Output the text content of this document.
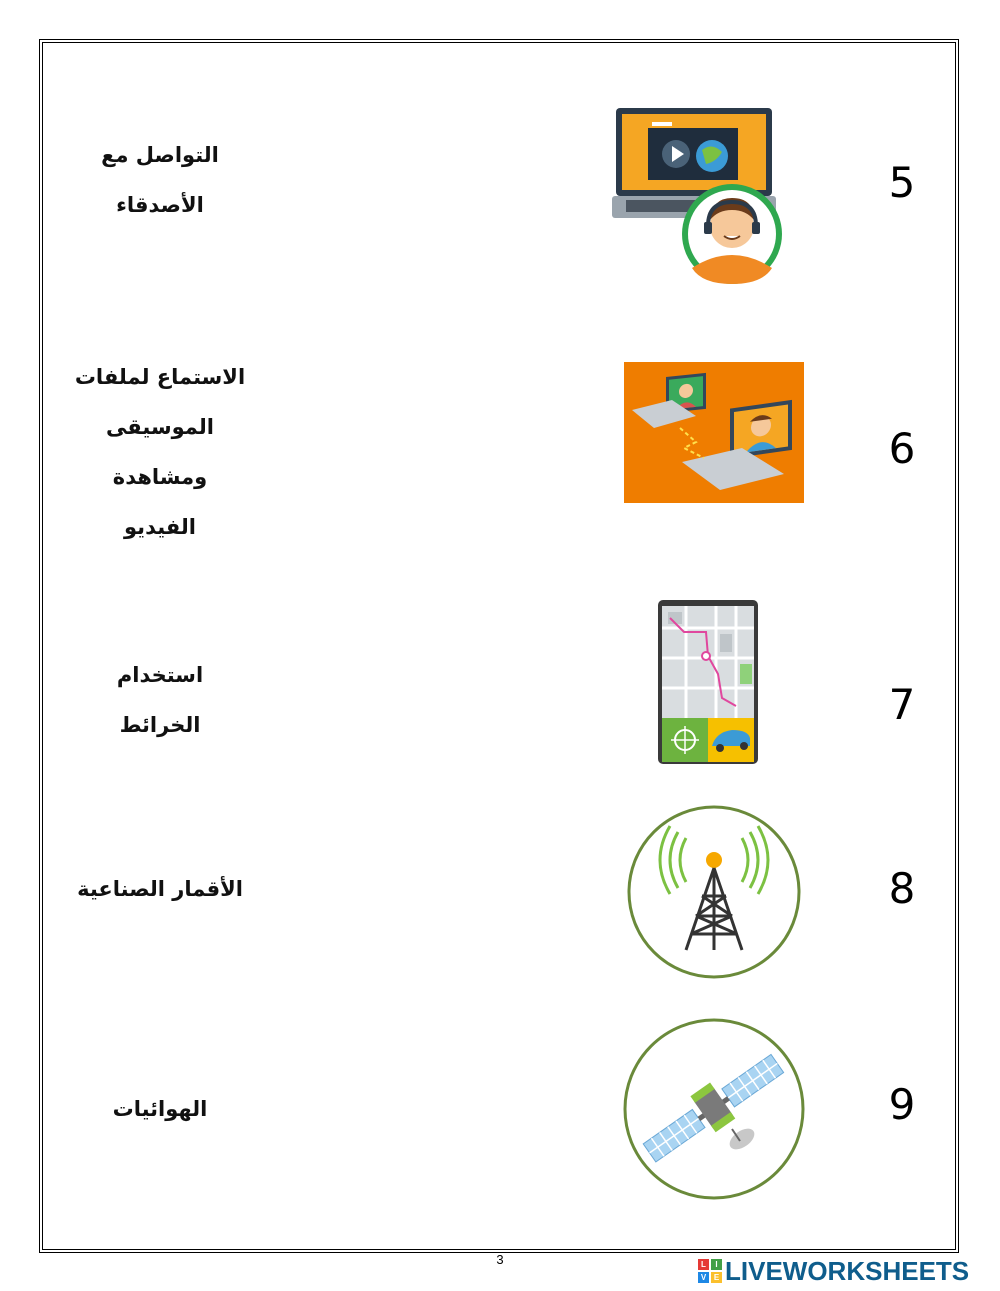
التواصل مع
الأصدقاء	5
الاستماع لملفات
الموسيقى
ومشاهدة
الفيديو
6
استخدام
الخرائط	7
الأقمار الصناعية	8
الهوائيات	9
3	L	I
V E LIVEWORKSHEETS
